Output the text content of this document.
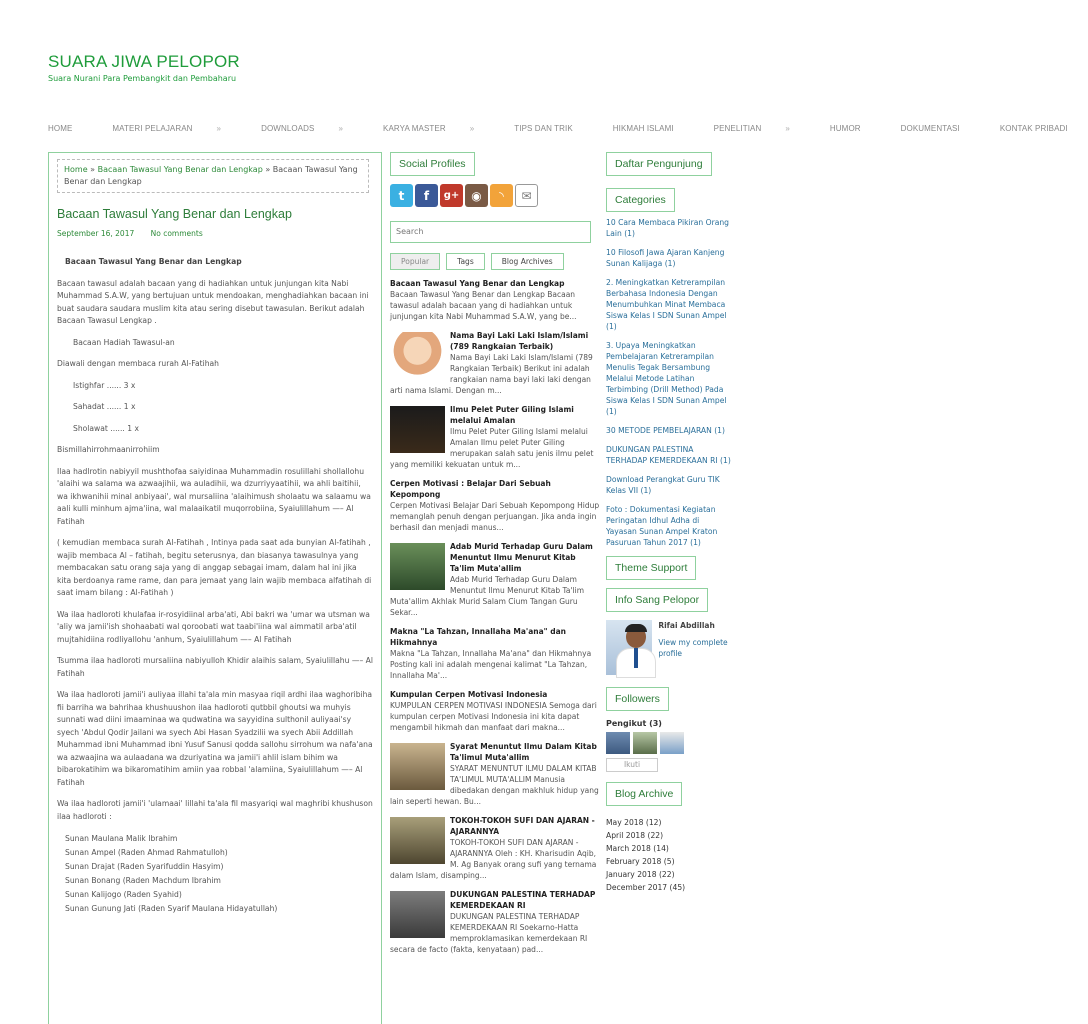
SUARA JIWA PELOPOR
Suara Nurani Para Pembangkit dan Pembaharu
HOME	MATERI PELAJARAN	»	DOWNLOADS	»	KARYA MASTER	»	TIPS DAN TRIK	HIKMAH ISLAMI	PENELITIAN	»	HUMOR	DOKUMENTASI	KONTAK PRIBADI
Home » Bacaan Tawasul Yang Benar dan Lengkap » Bacaan Tawasul Yang Benar dan Lengkap
Bacaan Tawasul Yang Benar dan Lengkap
September 16, 2017 No comments

Bacaan Tawasul Yang Benar dan Lengkap

Bacaan tawasul adalah bacaan yang di hadiahkan untuk junjungan kita Nabi Muhammad S.A.W, yang bertujuan untuk mendoakan, menghadiahkan bacaan ini buat saudara saudara muslim kita atau sering disebut tawasulan. Berikut adalah Bacaan Tawasul Lengkap .

Bacaan Hadiah Tawasul-an

Diawali dengan membaca rurah Al-Fatihah

Istighfar ...... 3 x

Sahadat ...... 1 x

Sholawat ...... 1 x

Bismillahirrohmaanirrohiim

Ilaa hadlrotin nabiyyil mushthofaa saiyidinaa Muhammadin rosulillahi shollallohu 'alaihi wa salama wa azwaajihii, wa auladihii, wa dzurriyyaatihii, wa ahli baitihii, wa ikhwanihii minal anbiyaai', wal mursaliina 'alaihimush sholaatu wa salaamu wa aali kulli minhum ajma'iina, wal malaaikatil muqorrobiina, Syaiulillahum —– Al Fatihah

( kemudian membaca surah Al-Fatihah , Intinya pada saat ada bunyian Al-fatihah , wajib membaca Al – fatihah, begitu seterusnya, dan biasanya tawasulnya yang membacakan satu orang saja yang di anggap sebagai imam, dalam hal ini jika kita berdoanya rame rame, dan para jemaat yang lain wajib membaca alfatihah di saat imam bilang : Al-Fatihah )

Wa ilaa hadloroti khulafaa ir-rosyidiinal arba'ati, Abi bakri wa 'umar wa utsman wa 'aliy wa jamii'ish shohaabati wal qoroobati wat taabi'iina wal aimmatil arba'atil mujtahidiina rodliyallohu 'anhum, Syaiulillahum —– Al Fatihah

Tsumma ilaa hadloroti mursaliina nabiyulloh Khidir alaihis salam, Syaiulillahu —– Al Fatihah

Wa ilaa hadloroti jamii'i auliyaa illahi ta'ala min masyaa riqil ardhi ilaa waghoribiha fii barriha wa bahrihaa khushuushon ilaa hadloroti qutbbil ghoutsi wa muhyis sunnati wad diini imaaminaa wa qudwatina wa sayyidina sulthonil auliyaai'sy syech 'Abdul Qodir Jailani wa syech Abi Hasan Syadzilii wa syech Abii Addillah Muhammad ibni Muhammad ibni Yusuf Sanusi qodda sallohu sirrohum wa nafa'ana wa azwaajina wa aulaadana wa dzuriyatina wa jamii'i ahlil islam bihim wa bibarokatihim wa bikaromatihim amiin yaa robbal 'alamiina, Syaiulillahum —– Al Fatihah

Wa ilaa hadloroti jamii'i 'ulamaai' lillahi ta'ala fil masyariqi wal maghribi khushuson ilaa hadloroti :

Sunan Maulana Malik Ibrahim
Sunan Ampel (Raden Ahmad Rahmatulloh)
Sunan Drajat (Raden Syarifuddin Hasyim)
Sunan Bonang (Raden Machdum Ibrahim
Sunan Kalijogo (Raden Syahid)
Sunan Gunung Jati (Raden Syarif Maulana Hidayatullah)
Social Profiles
t	f	g+ ◉	◝	✉
Search
Popular	Tags	Blog Archives
Bacaan Tawasul Yang Benar dan Lengkap
Bacaan Tawasul Yang Benar dan Lengkap Bacaan tawasul adalah bacaan yang di hadiahkan untuk junjungan kita Nabi Muhammad S.A.W, yang be...
Nama Bayi Laki Laki Islam/Islami (789 Rangkaian Terbaik)
Nama Bayi Laki Laki Islam/Islami (789 Rangkaian Terbaik) Berikut ini adalah rangkaian nama bayi laki laki dengan arti nama Islami. Dengan m...
Ilmu Pelet Puter Giling Islami melalui Amalan
Ilmu Pelet Puter Giling Islami melalui Amalan Ilmu pelet Puter Giling merupakan salah satu jenis ilmu pelet yang memiliki kekuatan untuk m...
Cerpen Motivasi : Belajar Dari Sebuah Kepompong
Cerpen Motivasi Belajar Dari Sebuah Kepompong Hidup memanglah penuh dengan perjuangan. Jika anda ingin berhasil dan menjadi manus...
Adab Murid Terhadap Guru Dalam Menuntut Ilmu Menurut Kitab Ta'lim Muta'allim
Adab Murid Terhadap Guru Dalam Menuntut Ilmu Menurut Kitab Ta'lim Muta'allim Akhlak Murid Salam Cium Tangan Guru Sekar...
Makna "La Tahzan, Innallaha Ma'ana" dan Hikmahnya
Makna "La Tahzan, Innallaha Ma'ana" dan Hikmahnya Posting kali ini adalah mengenai kalimat "La Tahzan, Innallaha Ma'...
Kumpulan Cerpen Motivasi Indonesia
KUMPULAN CERPEN MOTIVASI INDONESIA Semoga dari kumpulan cerpen Motivasi Indonesia ini kita dapat mengambil hikmah dan manfaat dari makna...
Syarat Menuntut Ilmu Dalam Kitab Ta'limul Muta'allim
SYARAT MENUNTUT ILMU DALAM KITAB TA'LIMUL MUTA'ALLIM Manusia dibedakan dengan makhluk hidup yang lain seperti hewan. Bu...
TOKOH-TOKOH SUFI DAN AJARAN - AJARANNYA
TOKOH-TOKOH SUFI DAN AJARAN - AJARANNYA Oleh : KH. Kharisudin Aqib, M. Ag Banyak orang sufi yang ternama dalam Islam, disamping...
DUKUNGAN PALESTINA TERHADAP KEMERDEKAAN RI
DUKUNGAN PALESTINA TERHADAP KEMERDEKAAN RI Soekarno-Hatta memproklamasikan kemerdekaan RI secara de facto (fakta, kenyataan) pad...
Daftar Pengunjung
Categories
10 Cara Membaca Pikiran Orang Lain (1)
10 Filosofi Jawa Ajaran Kanjeng Sunan Kalijaga (1)
2. Meningkatkan Ketrerampilan Berbahasa Indonesia Dengan Menumbuhkan Minat Membaca Siswa Kelas I SDN Sunan Ampel (1)
3. Upaya Meningkatkan Pembelajaran Ketrerampilan Menulis Tegak Bersambung Melalui Metode Latihan Terbimbing (Drill Method) Pada Siswa Kelas I SDN Sunan Ampel (1)
30 METODE PEMBELAJARAN (1)
DUKUNGAN PALESTINA TERHADAP KEMERDEKAAN RI (1)
Download Perangkat Guru TIK Kelas VII (1)
Foto : Dokumentasi Kegiatan Peringatan Idhul Adha di Yayasan Sunan Ampel Kraton Pasuruan Tahun 2017 (1)
Theme Support
Info Sang Pelopor
Rifai Abdillah
View my complete profile
Followers
Pengikut (3)
Ikuti
Blog Archive
May 2018 (12)
April 2018 (22)
March 2018 (14)
February 2018 (5)
January 2018 (22)
December 2017 (45)
